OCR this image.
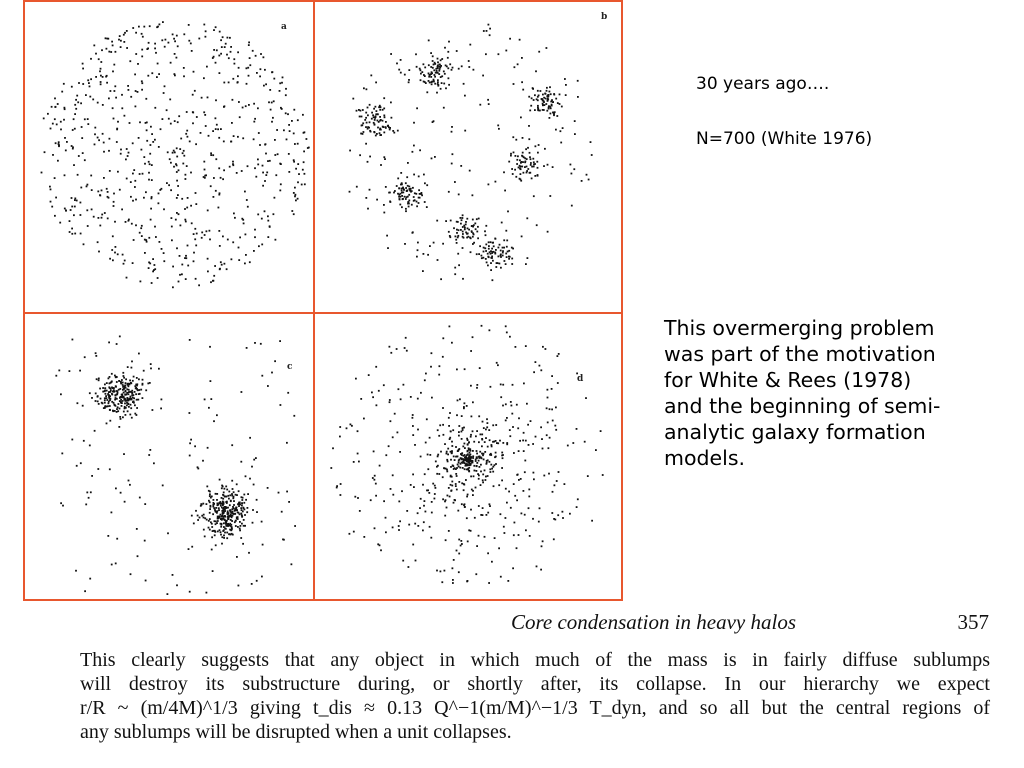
a
b
c
d
30 years ago….
N=700 (White 1976)
This overmerging problem
was part of the motivation
for White & Rees (1978)
and the beginning of semi-
analytic galaxy formation
models.
Core condensation in heavy halos	357
This clearly suggests that any object in which much of the mass is in fairly diffuse sublumps
will destroy its substructure during, or shortly after, its collapse. In our hierarchy we expect
r/R ~ (m/4M)^1/3 giving t_dis ≈ 0.13 Q^−1(m/M)^−1/3 T_dyn, and so all but the central regions of
any sublumps will be disrupted when a unit collapses.
